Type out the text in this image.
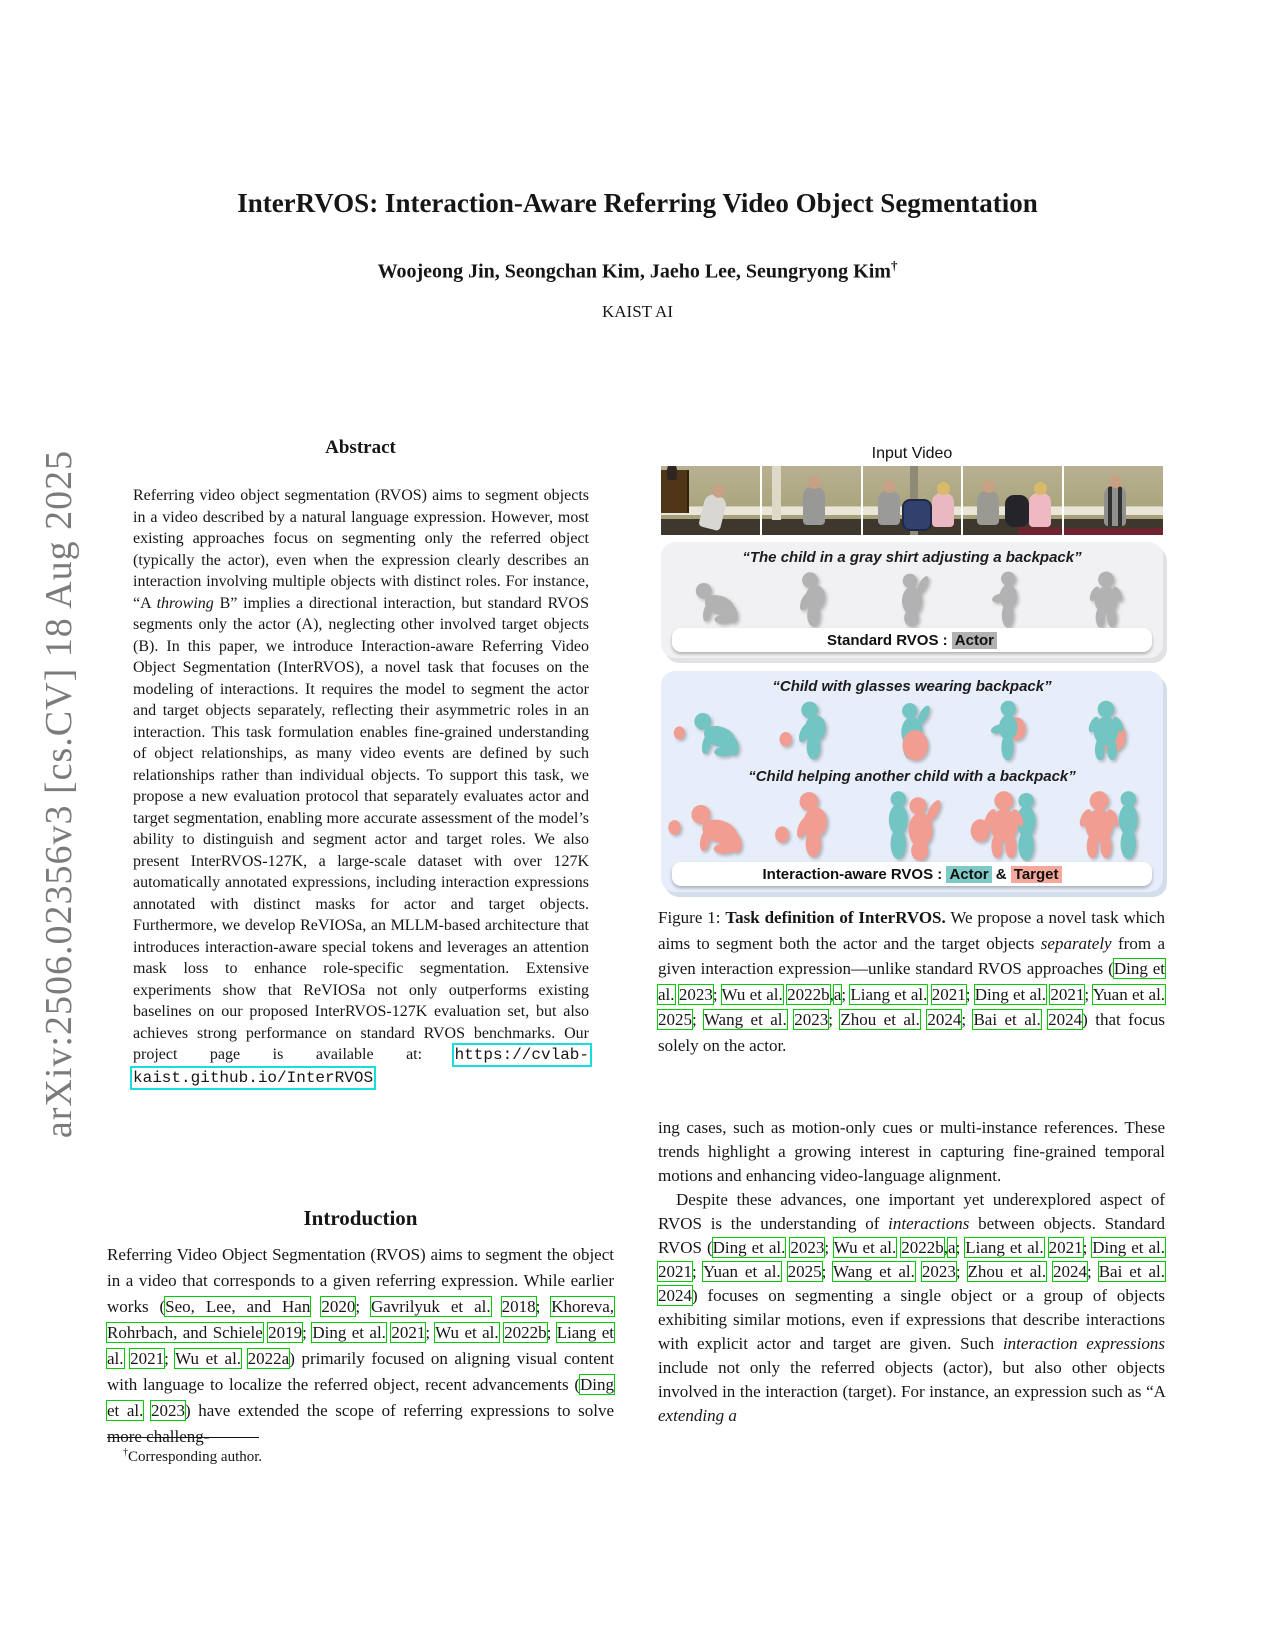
arXiv:2506.02356v3 [cs.CV] 18 Aug 2025
InterRVOS: Interaction-Aware Referring Video Object Segmentation
Woojeong Jin, Seongchan Kim, Jaeho Lee, Seungryong Kim†
KAIST AI
Abstract
Referring video object segmentation (RVOS) aims to segment objects in a video described by a natural language expression. However, most existing approaches focus on segmenting only the referred object (typically the actor), even when the expression clearly describes an interaction involving multiple objects with distinct roles. For instance, “A throwing B” implies a directional interaction, but standard RVOS segments only the actor (A), neglecting other involved target objects (B). In this paper, we introduce Interaction-aware Referring Video Object Segmentation (InterRVOS), a novel task that focuses on the modeling of interactions. It requires the model to segment the actor and target objects separately, reflecting their asymmetric roles in an interaction. This task formulation enables fine-grained understanding of object relationships, as many video events are defined by such relationships rather than individual objects. To support this task, we propose a new evaluation protocol that separately evaluates actor and target segmentation, enabling more accurate assessment of the model’s ability to distinguish and segment actor and target roles. We also present InterRVOS-127K, a large-scale dataset with over 127K automatically annotated expressions, including interaction expressions annotated with distinct masks for actor and target objects. Furthermore, we develop ReVIOSa, an MLLM-based architecture that introduces interaction-aware special tokens and leverages an attention mask loss to enhance role-specific segmentation. Extensive experiments show that ReVIOSa not only outperforms existing baselines on our proposed InterRVOS-127K evaluation set, but also achieves strong performance on standard RVOS benchmarks. Our project page is available at: https://cvlab-kaist.github.io/InterRVOS.
Introduction
Referring Video Object Segmentation (RVOS) aims to segment the object in a video that corresponds to a given referring expression. While earlier works (Seo, Lee, and Han 2020; Gavrilyuk et al. 2018; Khoreva, Rohrbach, and Schiele 2019; Ding et al. 2021; Wu et al. 2022b; Liang et al. 2021; Wu et al. 2022a) primarily focused on aligning visual content with language to localize the referred object, recent advancements (Ding et al. 2023) have extended the scope of referring expressions to solve more challeng-
†Corresponding author.
Input Video
“The child in a gray shirt adjusting a backpack”
Standard RVOS : Actor
“Child with glasses wearing backpack”
“Child helping another child with a backpack”
Interaction-aware RVOS : Actor & Target
Figure 1: Task definition of InterRVOS. We propose a novel task which aims to segment both the actor and the target objects separately from a given interaction expression—unlike standard RVOS approaches (Ding et al. 2023; Wu et al. 2022b,a; Liang et al. 2021; Ding et al. 2021; Yuan et al. 2025; Wang et al. 2023; Zhou et al. 2024; Bai et al. 2024) that focus solely on the actor.

ing cases, such as motion-only cues or multi-instance references. These trends highlight a growing interest in capturing fine-grained temporal motions and enhancing video-language alignment.

Despite these advances, one important yet underexplored aspect of RVOS is the understanding of interactions between objects. Standard RVOS (Ding et al. 2023; Wu et al. 2022b,a; Liang et al. 2021; Ding et al. 2021; Yuan et al. 2025; Wang et al. 2023; Zhou et al. 2024; Bai et al. 2024) focuses on segmenting a single object or a group of objects exhibiting similar motions, even if expressions that describe interactions with explicit actor and target are given. Such interaction expressions include not only the referred objects (actor), but also other objects involved in the interaction (target). For instance, an expression such as “A extending a
